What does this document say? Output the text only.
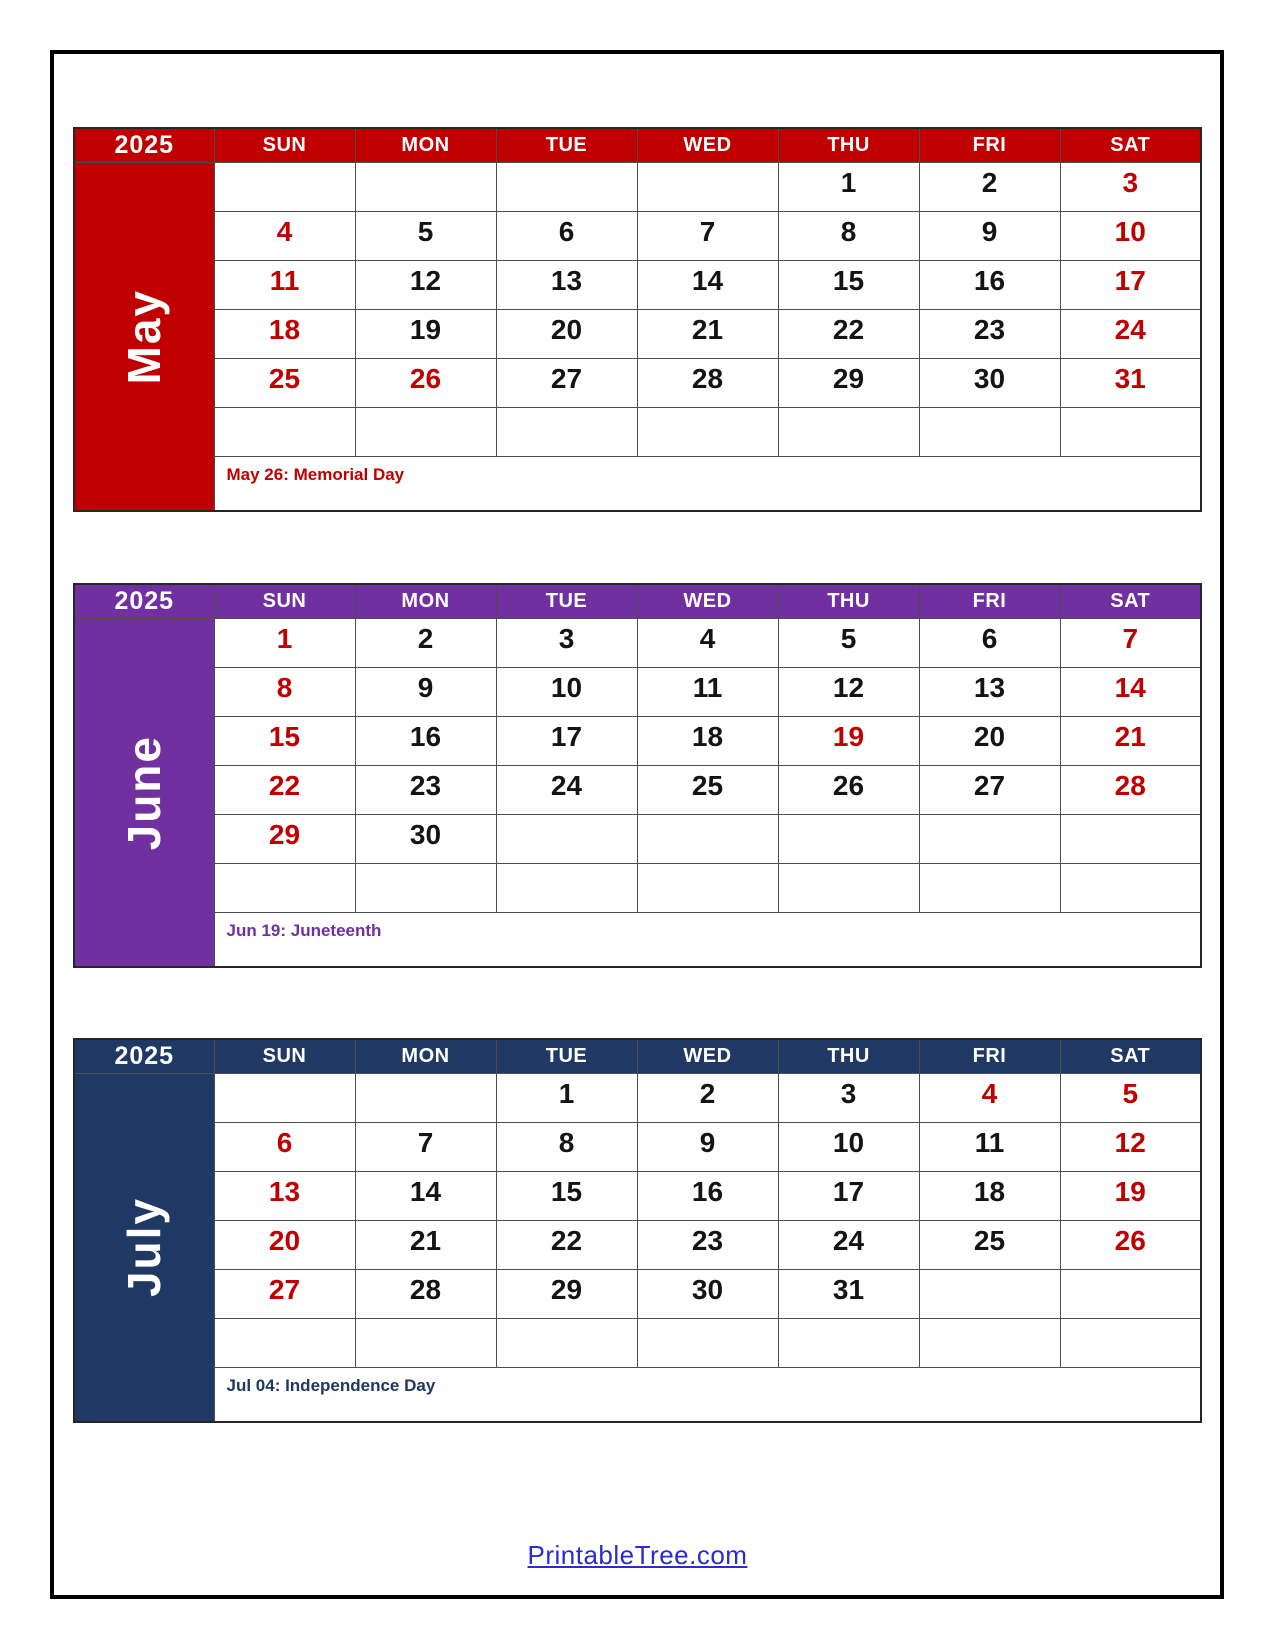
2025	SUN	MON	TUE	WED	THU	FRI	SAT

May					1	2	3
	4	5	6	7	8	9	10
	11	12	13	14	15	16	17
	18	19	20	21	22	23	24
	25	26	27	28	29	30	31

	May 26: Memorial Day						
2025	SUN	MON	TUE	WED	THU	FRI	SAT

June	1	2	3	4	5	6	7
	8	9	10	11	12	13	14
	15	16	17	18	19	20	21
	22	23	24	25	26	27	28
	29	30					

	Jun 19: Juneteenth						
2025	SUN	MON	TUE	WED	THU	FRI	SAT

July			1	2	3	4	5
	6	7	8	9	10	11	12
	13	14	15	16	17	18	19
	20	21	22	23	24	25	26
	27	28	29	30	31		

	Jul 04: Independence Day						
PrintableTree.com
